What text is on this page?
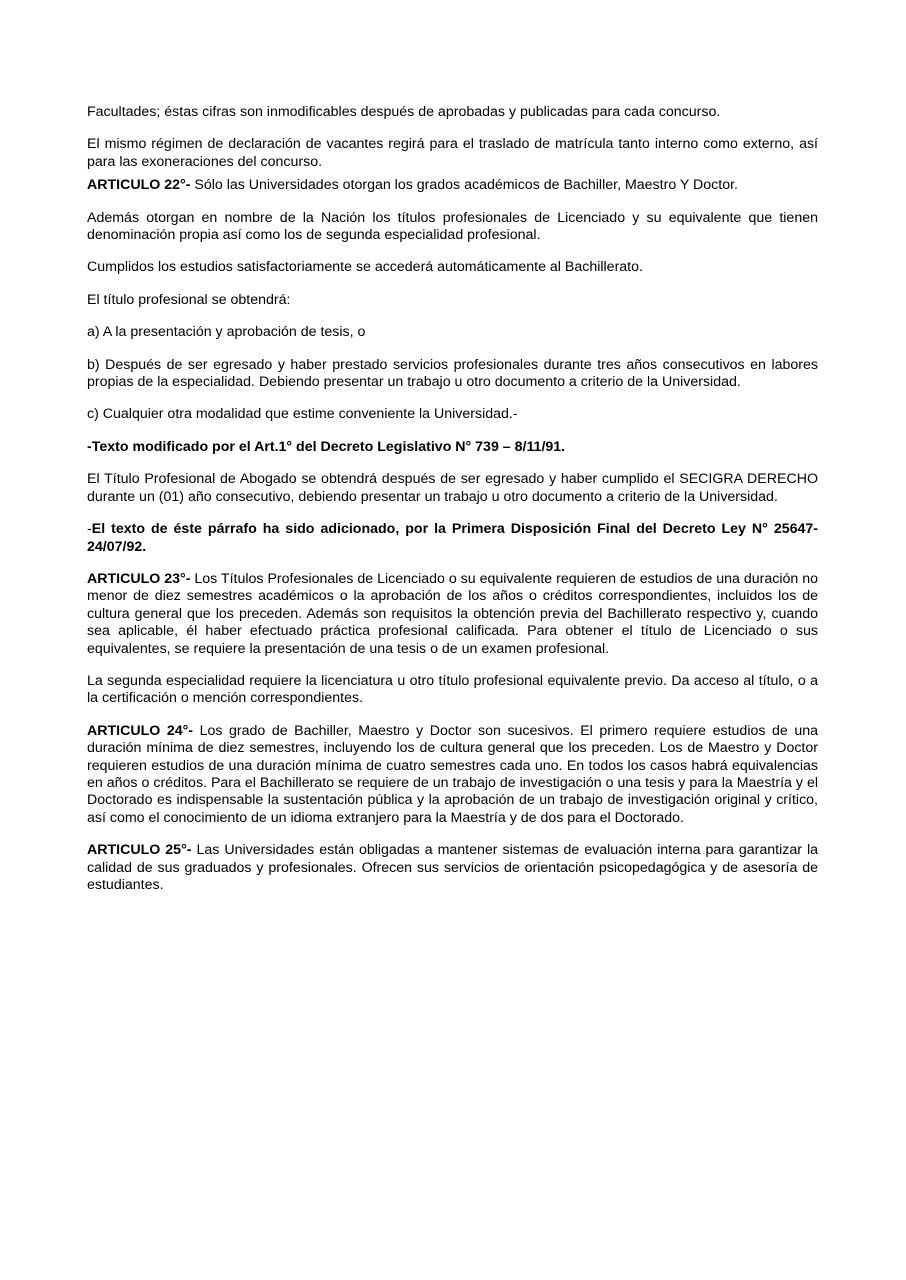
Facultades; éstas cifras son inmodificables después de aprobadas y publicadas para cada concurso.

El mismo régimen de declaración de vacantes regirá para el traslado de matrícula tanto interno como externo, así para las exoneraciones del concurso.

ARTICULO 22°- Sólo las Universidades otorgan los grados académicos de Bachiller, Maestro Y Doctor.

Además otorgan en nombre de la Nación los títulos profesionales de Licenciado y su equivalente que tienen denominación propia así como los de segunda especialidad profesional.

Cumplidos los estudios satisfactoriamente se accederá automáticamente al Bachillerato.

El título profesional se obtendrá:

a) A la presentación y aprobación de tesis, o

b) Después de ser egresado y haber prestado servicios profesionales durante tres años consecutivos en labores propias de la especialidad. Debiendo presentar un trabajo u otro documento a criterio de la Universidad.

c) Cualquier otra modalidad que estime conveniente la Universidad.-

-Texto modificado por el Art.1° del Decreto Legislativo N° 739 – 8/11/91.

El Título Profesional de Abogado se obtendrá después de ser egresado y haber cumplido el SECIGRA DERECHO durante un (01) año consecutivo, debiendo presentar un trabajo u otro documento a criterio de la Universidad.

-El texto de éste párrafo ha sido adicionado, por la Primera Disposición Final del Decreto Ley N° 25647- 24/07/92.

ARTICULO 23°- Los Títulos Profesionales de Licenciado o su equivalente requieren de estudios de una duración no menor de diez semestres académicos o la aprobación de los años o créditos correspondientes, incluidos los de cultura general que los preceden. Además son requisitos la obtención previa del Bachillerato respectivo y, cuando sea aplicable, él haber efectuado práctica profesional calificada. Para obtener el título de Licenciado o sus equivalentes, se requiere la presentación de una tesis o de un examen profesional.

La segunda especialidad requiere la licenciatura u otro título profesional equivalente previo. Da acceso al título, o a la certificación o mención correspondientes.

ARTICULO 24°- Los grado de Bachiller, Maestro y Doctor son sucesivos. El primero requiere estudios de una duración mínima de diez semestres, incluyendo los de cultura general que los preceden. Los de Maestro y Doctor requieren estudios de una duración mínima de cuatro semestres cada uno. En todos los casos habrá equivalencias en años o créditos. Para el Bachillerato se requiere de un trabajo de investigación o una tesis y para la Maestría y el Doctorado es indispensable la sustentación pública y la aprobación de un trabajo de investigación original y crítico, así como el conocimiento de un idioma extranjero para la Maestría y de dos para el Doctorado.

ARTICULO 25°- Las Universidades están obligadas a mantener sistemas de evaluación interna para garantizar la calidad de sus graduados y profesionales. Ofrecen sus servicios de orientación psicopedagógica y de asesoría de estudiantes.
